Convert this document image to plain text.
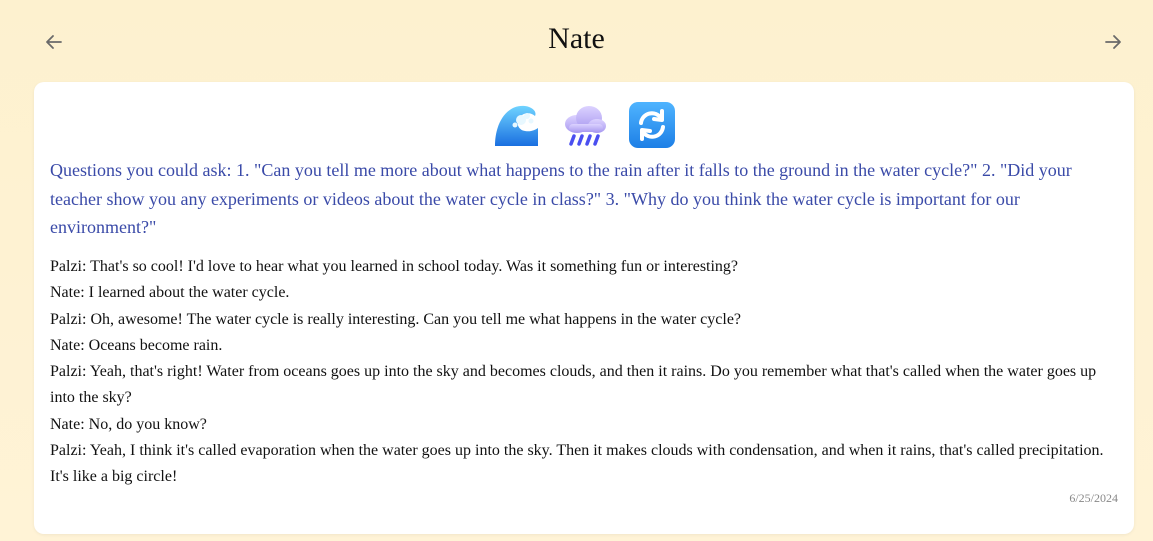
Nate
Questions you could ask: 1. "Can you tell me more about what happens to the rain after it falls to the ground in the water cycle?" 2. "Did your teacher show you any experiments or videos about the water cycle in class?" 3. "Why do you think the water cycle is important for our environment?"
Palzi: That's so cool! I'd love to hear what you learned in school today. Was it something fun or interesting?
Nate: I learned about the water cycle.
Palzi: Oh, awesome! The water cycle is really interesting. Can you tell me what happens in the water cycle?
Nate: Oceans become rain.
Palzi: Yeah, that's right! Water from oceans goes up into the sky and becomes clouds, and then it rains. Do you remember what that's called when the water goes up into the sky?
Nate: No, do you know?
Palzi: Yeah, I think it's called evaporation when the water goes up into the sky. Then it makes clouds with condensation, and when it rains, that's called precipitation. It's like a big circle!
6/25/2024
